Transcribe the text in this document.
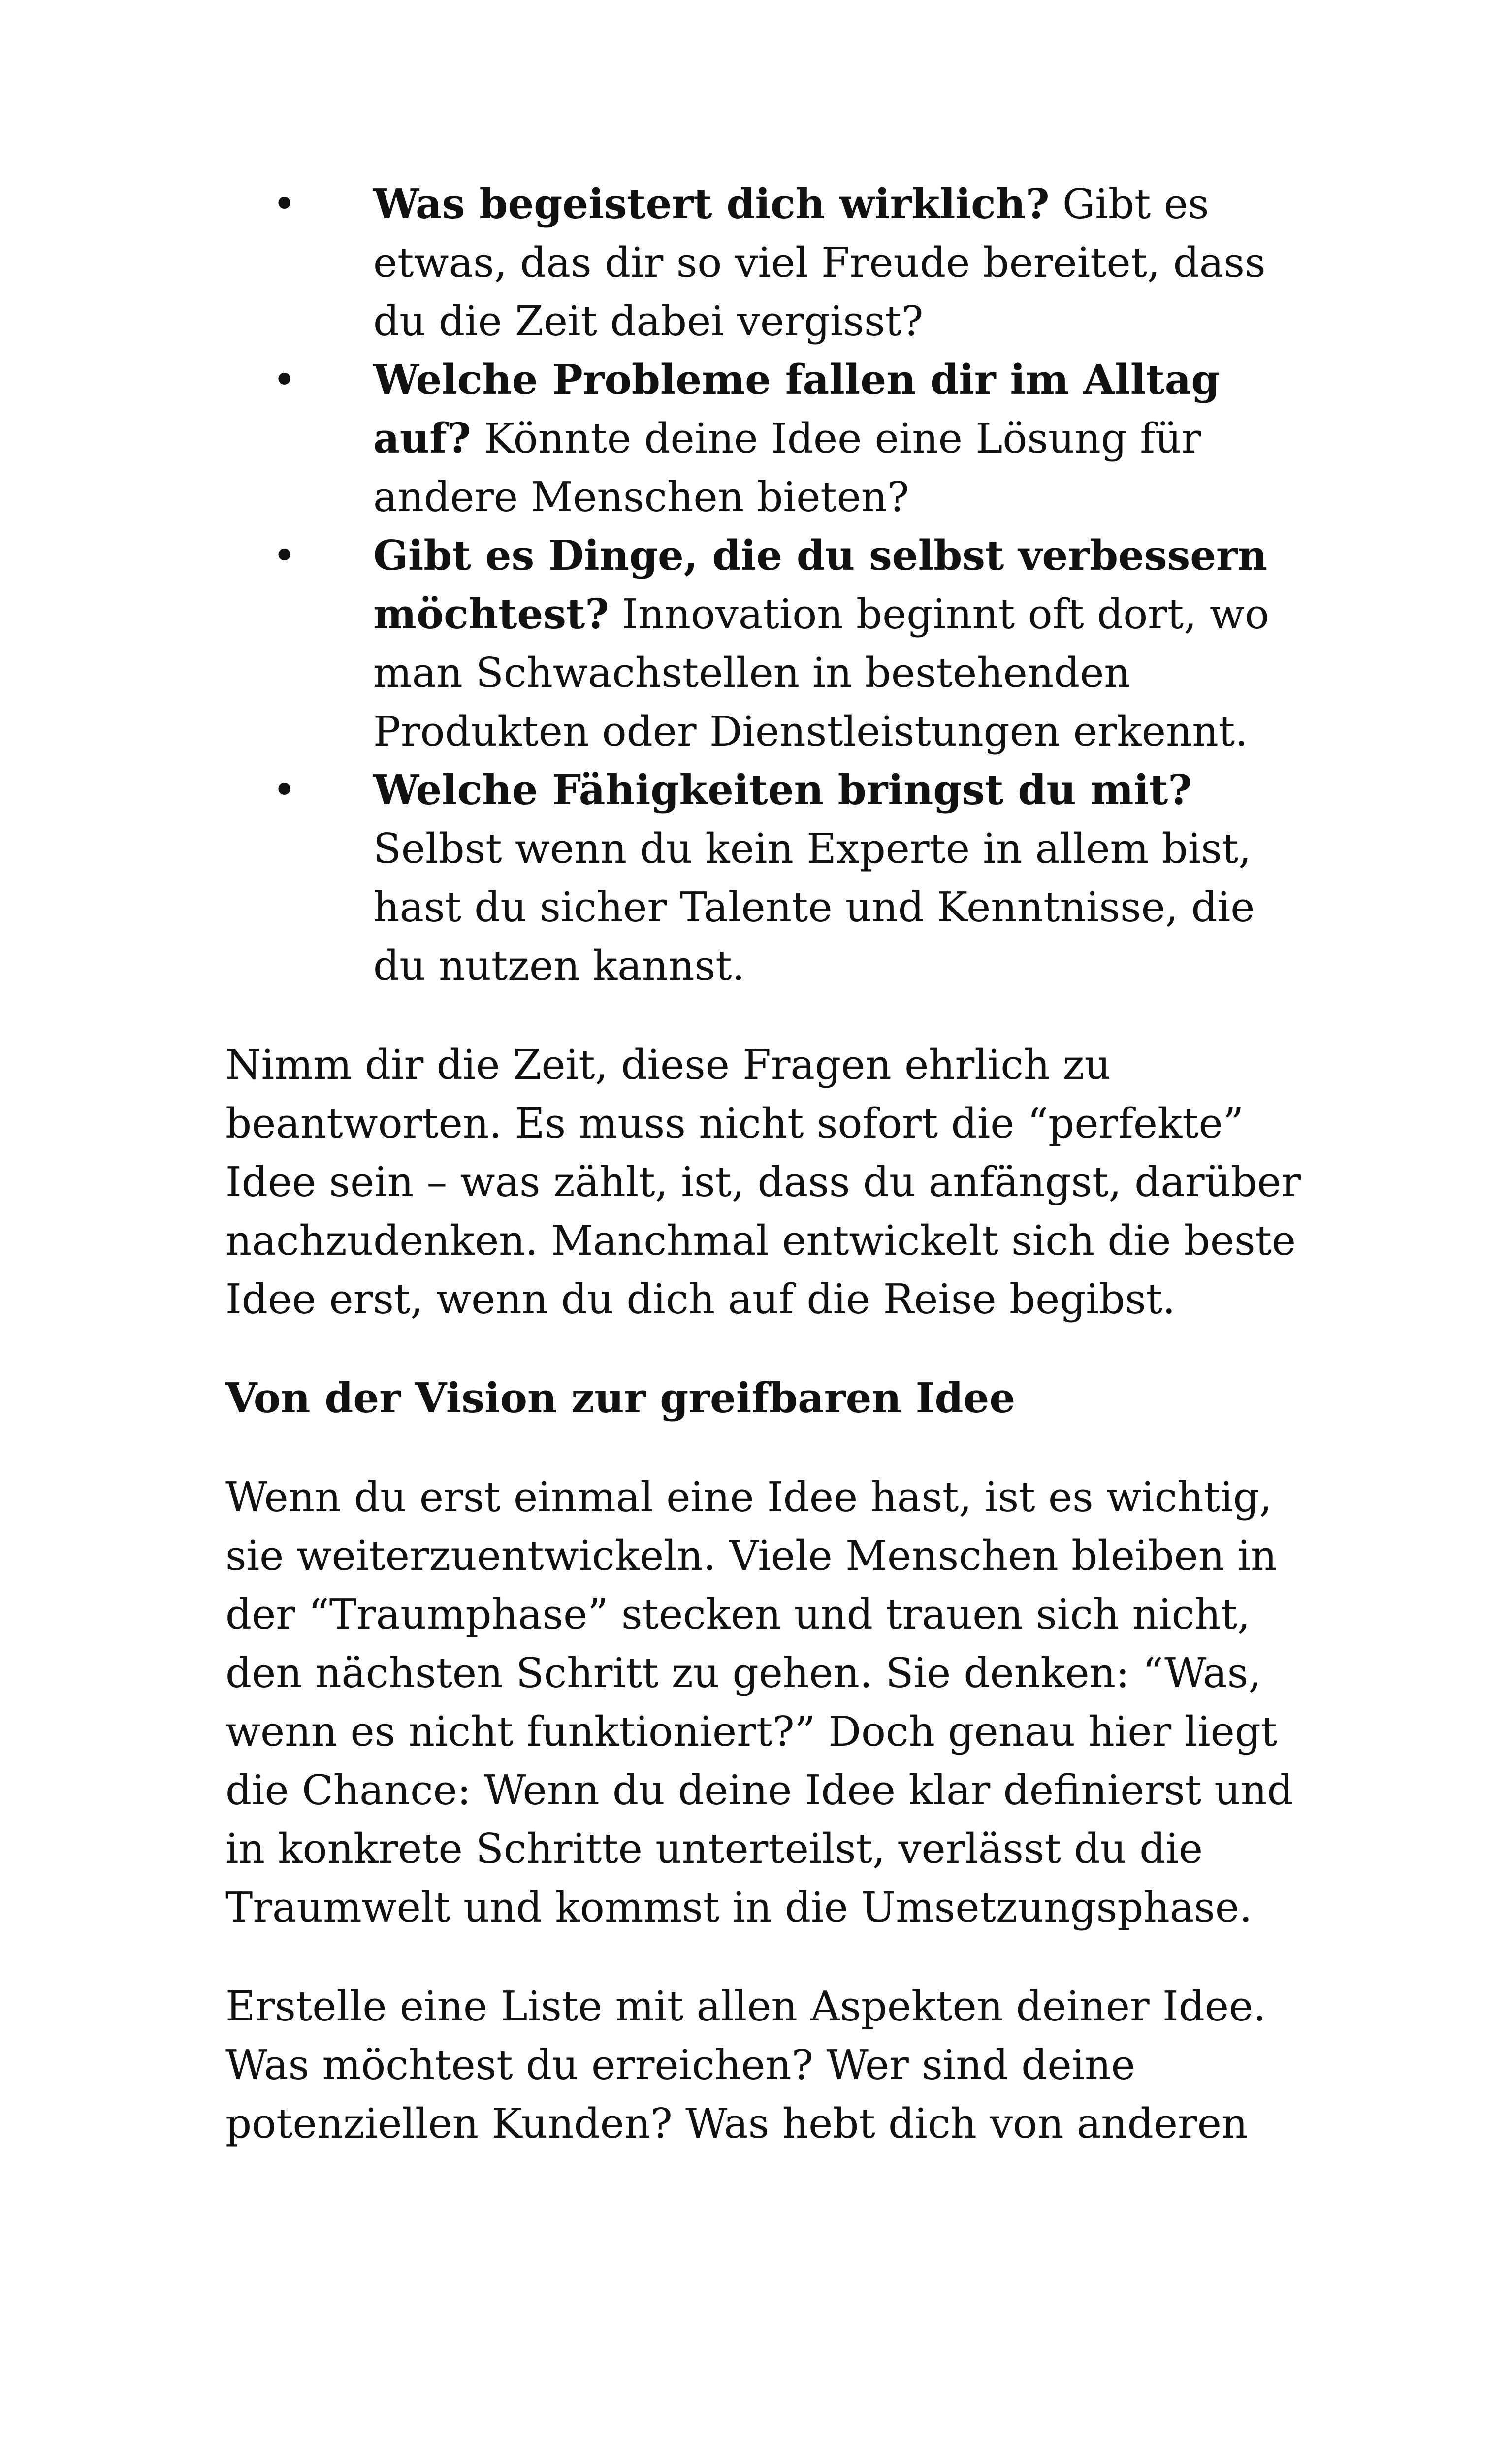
• Was begeistert dich wirklich? Gibt es etwas, das dir so viel Freude bereitet, dass du die Zeit dabei vergisst?
• Welche Probleme fallen dir im Alltag auf? Könnte deine Idee eine Lösung für andere Menschen bieten?
• Gibt es Dinge, die du selbst verbessern möchtest? Innovation beginnt oft dort, wo man Schwachstellen in bestehenden Produkten oder Dienstleistungen erkennt.
• Welche Fähigkeiten bringst du mit? Selbst wenn du kein Experte in allem bist, hast du sicher Talente und Kenntnisse, die du nutzen kannst.

Nimm dir die Zeit, diese Fragen ehrlich zu beantworten. Es muss nicht sofort die “perfekte” Idee sein – was zählt, ist, dass du anfängst, darüber nachzudenken. Manchmal entwickelt sich die beste Idee erst, wenn du dich auf die Reise begibst.

Von der Vision zur greifbaren Idee

Wenn du erst einmal eine Idee hast, ist es wichtig, sie weiterzuentwickeln. Viele Menschen bleiben in der “Traumphase” stecken und trauen sich nicht, den nächsten Schritt zu gehen. Sie denken: “Was, wenn es nicht funktioniert?” Doch genau hier liegt die Chance: Wenn du deine Idee klar definierst und in konkrete Schritte unterteilst, verlässt du die Traumwelt und kommst in die Umsetzungsphase.

Erstelle eine Liste mit allen Aspekten deiner Idee. Was möchtest du erreichen? Wer sind deine potenziellen Kunden? Was hebt dich von anderen
